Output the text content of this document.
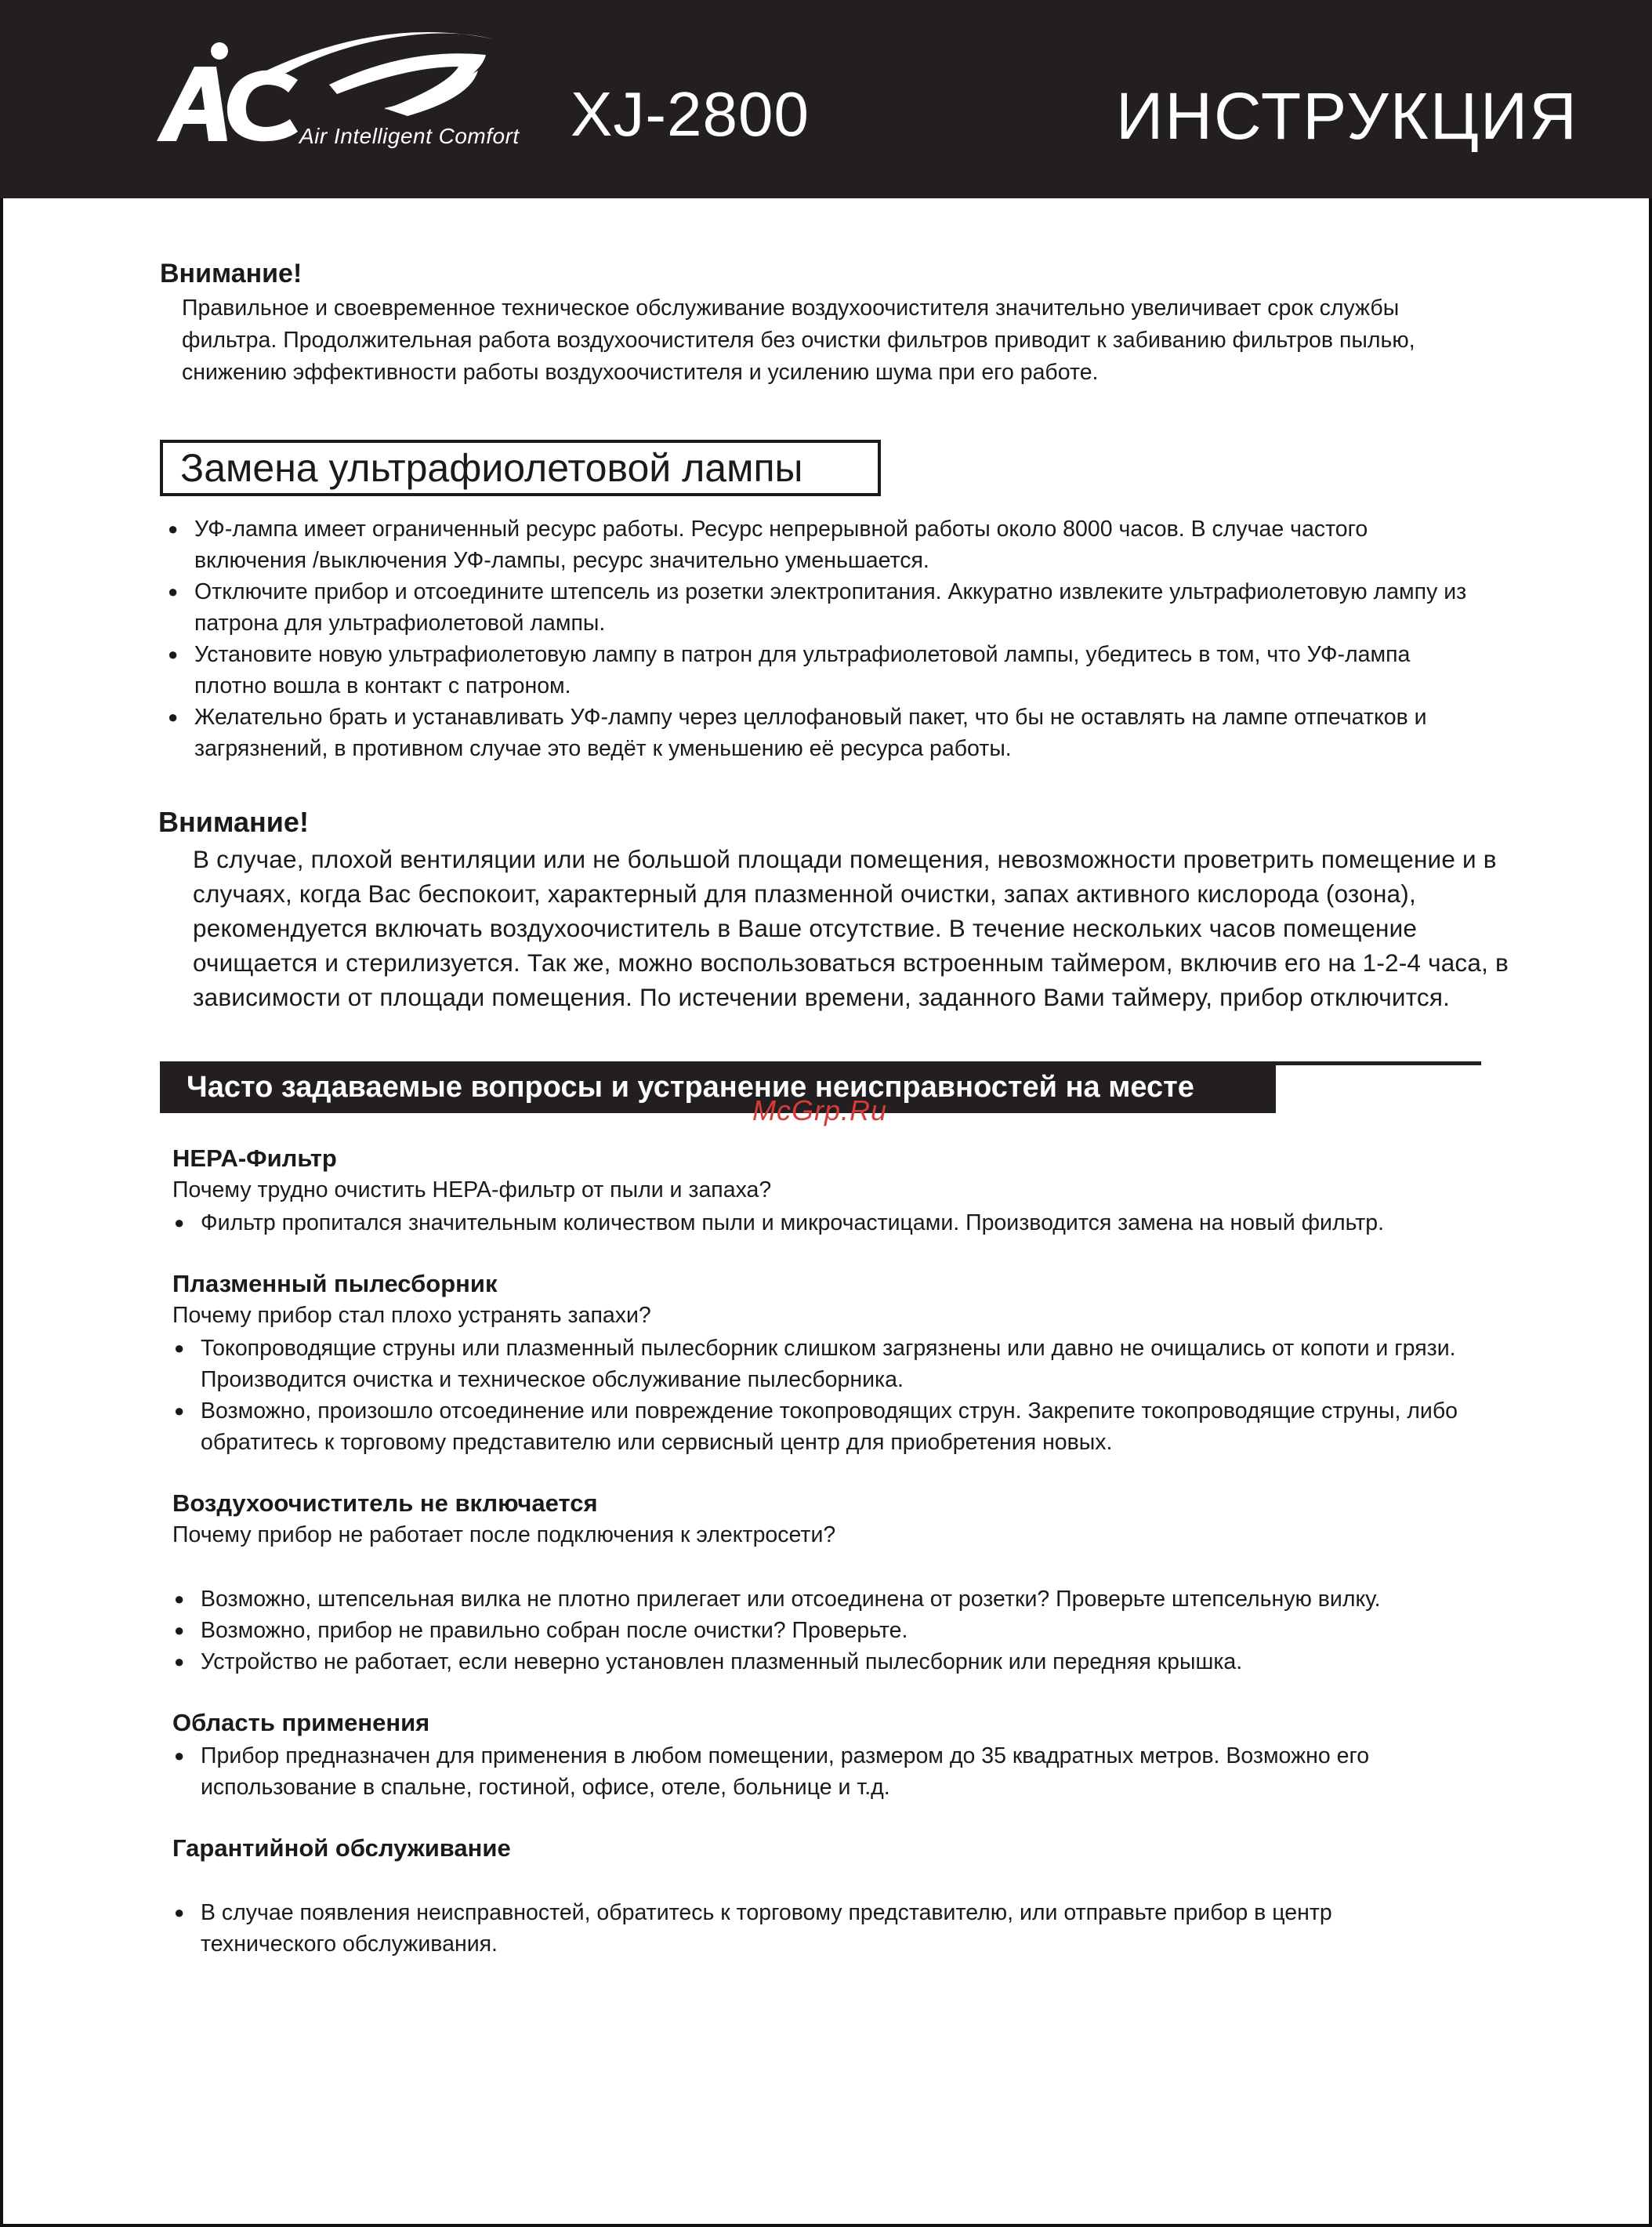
Air Intelligent Comfort XJ-2800	ИНСТРУКЦИЯ
Внимание!
Правильное и своевременное техническое обслуживание воздухоочистителя значительно увеличивает срок службы
фильтра. Продолжительная работа воздухоочистителя без очистки фильтров приводит к забиванию фильтров пылью,
снижению эффективности работы воздухоочистителя и усилению шума при его работе.
Замена ультрафиолетовой лампы
● УФ-лампа имеет ограниченный ресурс работы. Ресурс непрерывной работы около 8000 часов. В случае частого
включения /выключения УФ-лампы, ресурс значительно уменьшается.
● Отключите прибор и отсоедините штепсель из розетки электропитания. Аккуратно извлеките ультрафиолетовую лампу из
патрона для ультрафиолетовой лампы.
● Установите новую ультрафиолетовую лампу в патрон для ультрафиолетовой лампы, убедитесь в том, что УФ-лампа
плотно вошла в контакт с патроном.
● Желательно брать и устанавливать УФ-лампу через целлофановый пакет, что бы не оставлять на лампе отпечатков и
загрязнений, в противном случае это ведёт к уменьшению её ресурса работы.
Внимание!
В случае, плохой вентиляции или не большой площади помещения, невозможности проветрить помещение и в
случаях, когда Вас беспокоит, характерный для плазменной очистки, запах активного кислорода (озона),
рекомендуется включать воздухоочиститель в Ваше отсутствие. В течение нескольких часов помещение
очищается и стерилизуется. Так же, можно воспользоваться встроенным таймером, включив его на 1-2-4 часа, в
зависимости от площади помещения. По истечении времени, заданного Вами таймеру, прибор отключится.
Часто задаваемые вопросы и устранение неисправностей на месте
McGrp.Ru
HEPA-Фильтр
Почему трудно очистить HEPA-фильтр от пыли и запаха?
● Фильтр пропитался значительным количеством пыли и микрочастицами. Производится замена на новый фильтр.
Плазменный пылесборник
Почему прибор стал плохо устранять запахи?
● Токопроводящие струны или плазменный пылесборник слишком загрязнены или давно не очищались от копоти и грязи.
Производится очистка и техническое обслуживание пылесборника.
● Возможно, произошло отсоединение или повреждение токопроводящих струн. Закрепите токопроводящие струны, либо
обратитесь к торговому представителю или сервисный центр для приобретения новых.
Воздухоочиститель не включается
Почему прибор не работает после подключения к электросети?
● Возможно, штепсельная вилка не плотно прилегает или отсоединена от розетки? Проверьте штепсельную вилку.
● Возможно, прибор не правильно собран после очистки? Проверьте.
● Устройство не работает, если неверно установлен плазменный пылесборник или передняя крышка.
Область применения
● Прибор предназначен для применения в любом помещении, размером до 35 квадратных метров. Возможно его
использование в спальне, гостиной, офисе, отеле, больнице и т.д.
Гарантийной обслуживание
● В случае появления неисправностей, обратитесь к торговому представителю, или отправьте прибор в центр
технического обслуживания.
